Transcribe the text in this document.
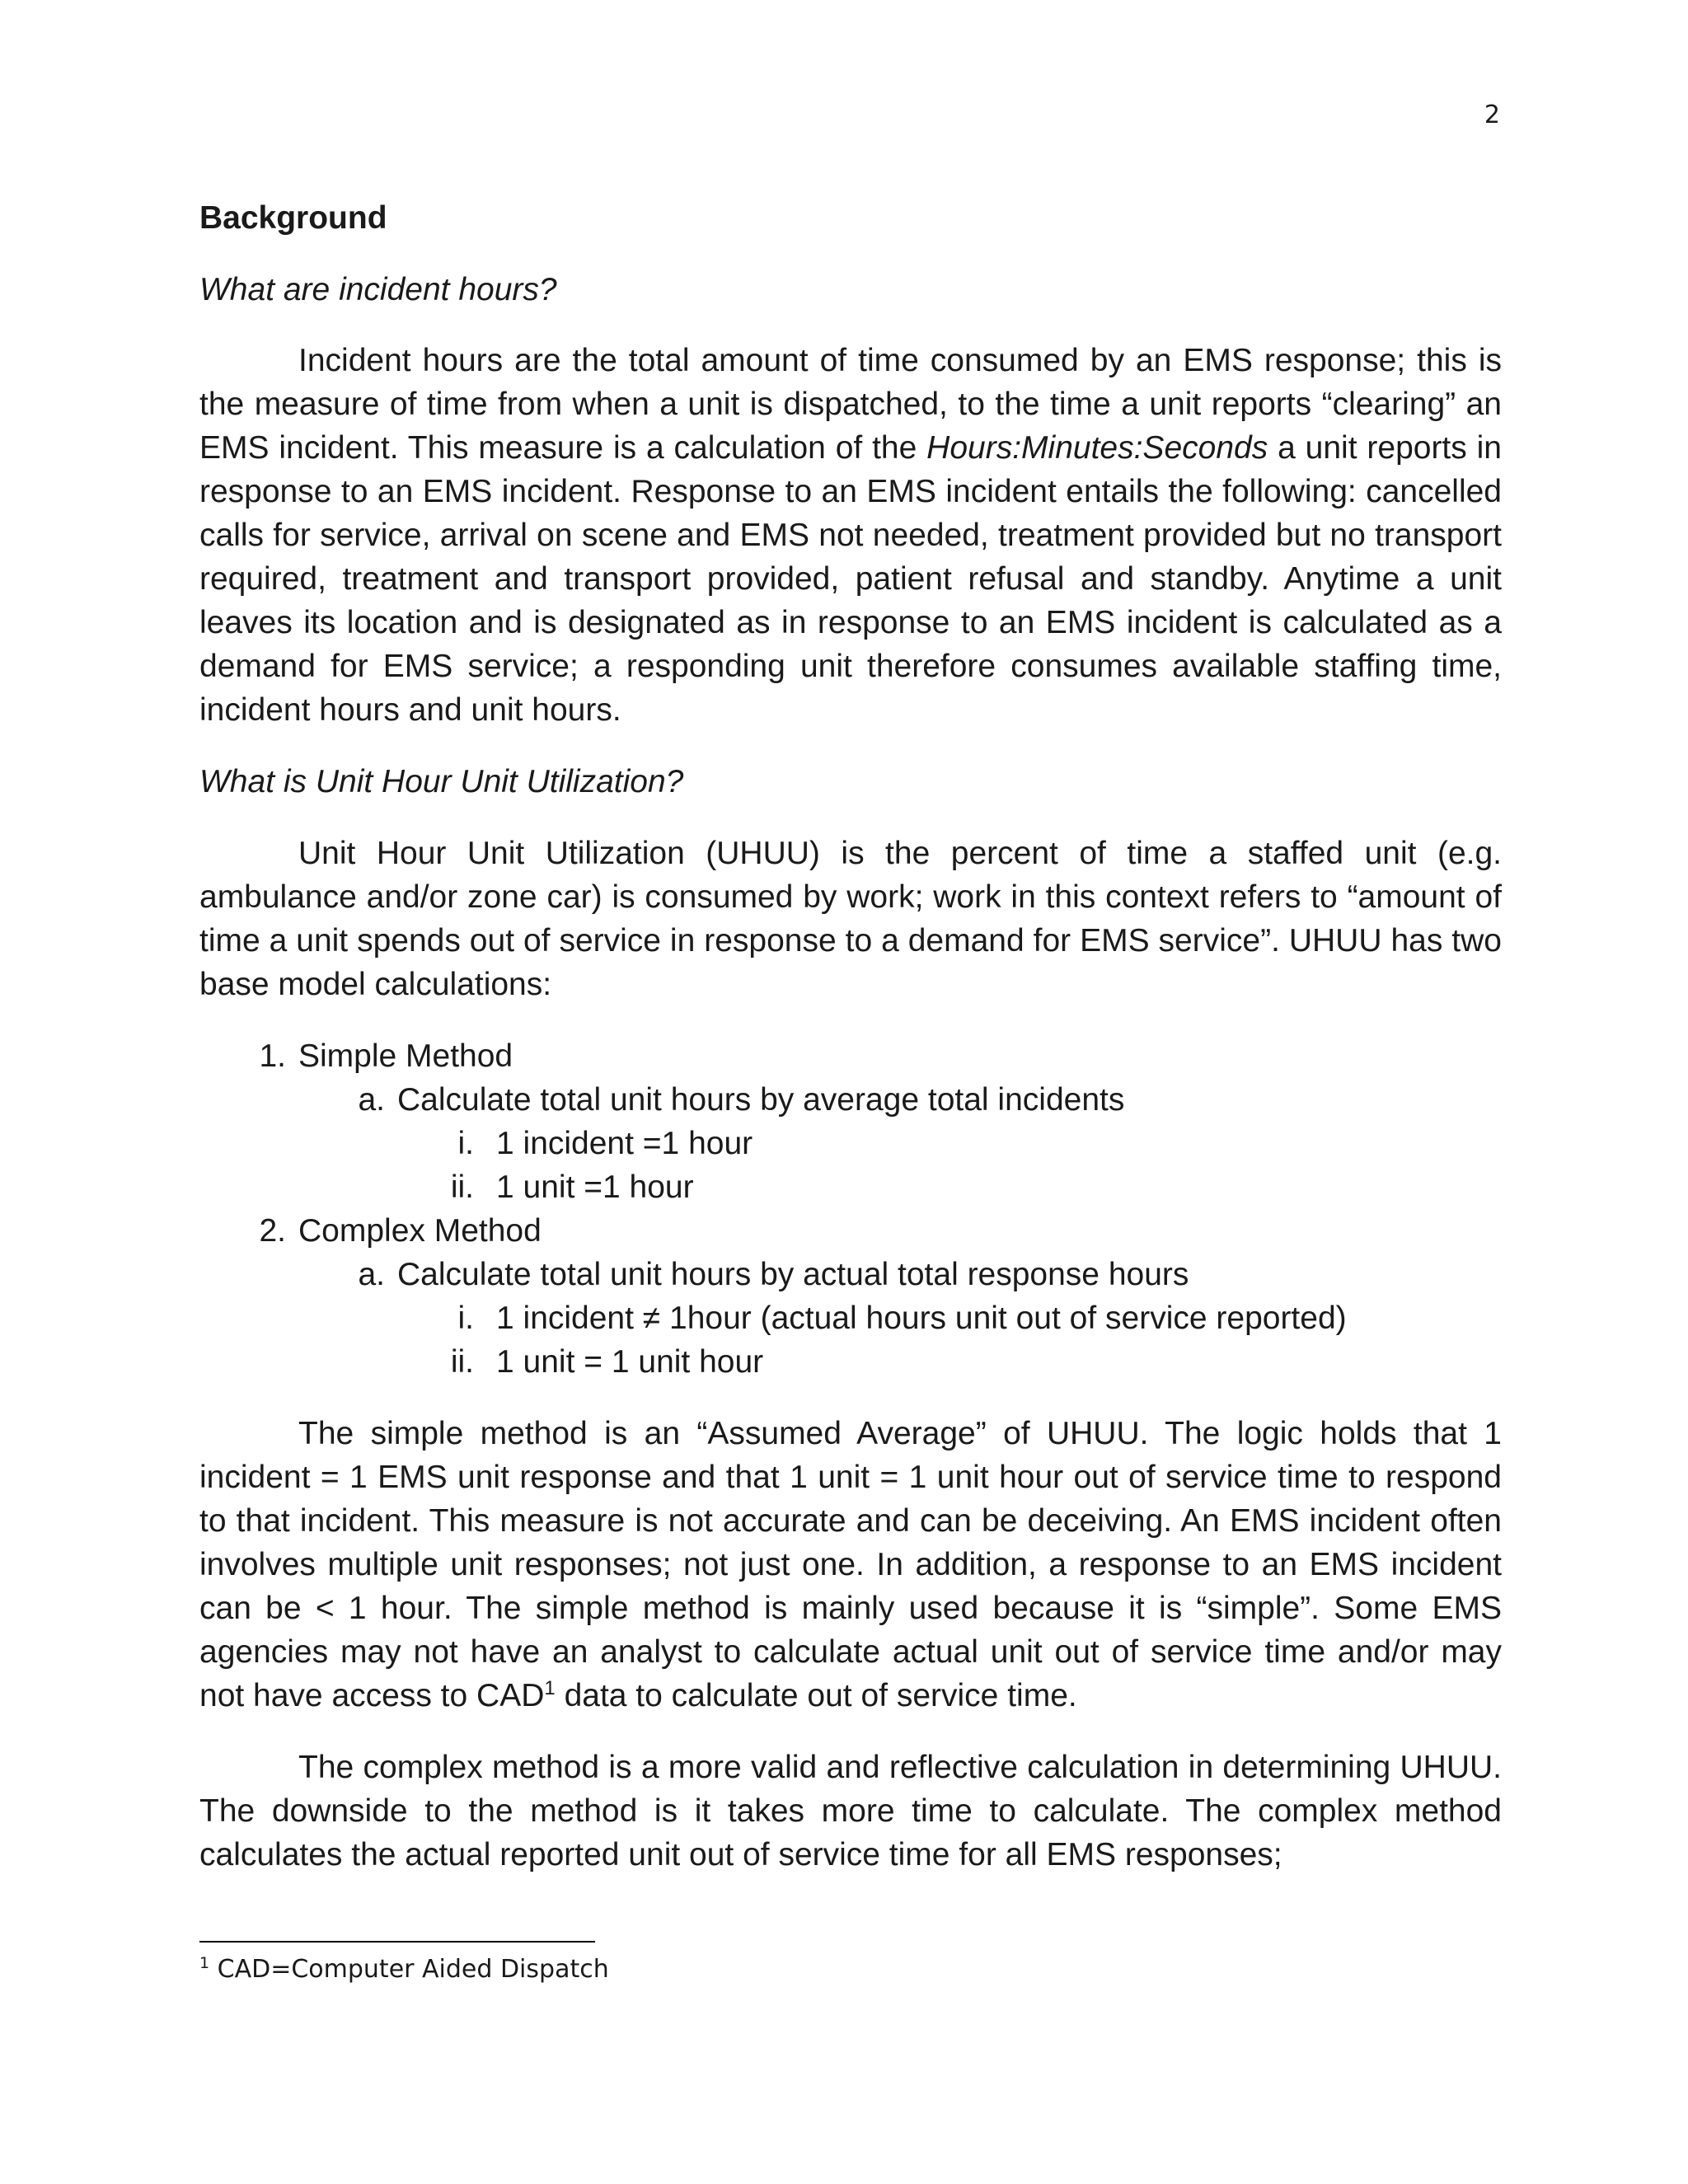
2
Background
What are incident hours?

Incident hours are the total amount of time consumed by an EMS response; this is the measure of time from when a unit is dispatched, to the time a unit reports “clearing” an EMS incident. This measure is a calculation of the Hours:Minutes:Seconds a unit reports in response to an EMS incident. Response to an EMS incident entails the following: cancelled calls for service, arrival on scene and EMS not needed, treatment provided but no transport required, treatment and transport provided, patient refusal and standby. Anytime a unit leaves its location and is designated as in response to an EMS incident is calculated as a demand for EMS service; a responding unit therefore consumes available staffing time, incident hours and unit hours.

What is Unit Hour Unit Utilization?

Unit Hour Unit Utilization (UHUU) is the percent of time a staffed unit (e.g. ambulance and/or zone car) is consumed by work; work in this context refers to “amount of time a unit spends out of service in response to a demand for EMS service”. UHUU has two base model calculations:

1. Simple Method
a. Calculate total unit hours by average total incidents
i. 1 incident =1 hour
ii. 1 unit =1 hour
2. Complex Method
a. Calculate total unit hours by actual total response hours
i. 1 incident ≠ 1hour (actual hours unit out of service reported)
ii. 1 unit = 1 unit hour

The simple method is an “Assumed Average” of UHUU. The logic holds that 1 incident = 1 EMS unit response and that 1 unit = 1 unit hour out of service time to respond to that incident. This measure is not accurate and can be deceiving. An EMS incident often involves multiple unit responses; not just one. In addition, a response to an EMS incident can be < 1 hour. The simple method is mainly used because it is “simple”. Some EMS agencies may not have an analyst to calculate actual unit out of service time and/or may not have access to CAD$^1$ data to calculate out of service time.

The complex method is a more valid and reflective calculation in determining UHUU. The downside to the method is it takes more time to calculate. The complex method calculates the actual reported unit out of service time for all EMS responses;

$^1$ CAD=Computer Aided Dispatch
